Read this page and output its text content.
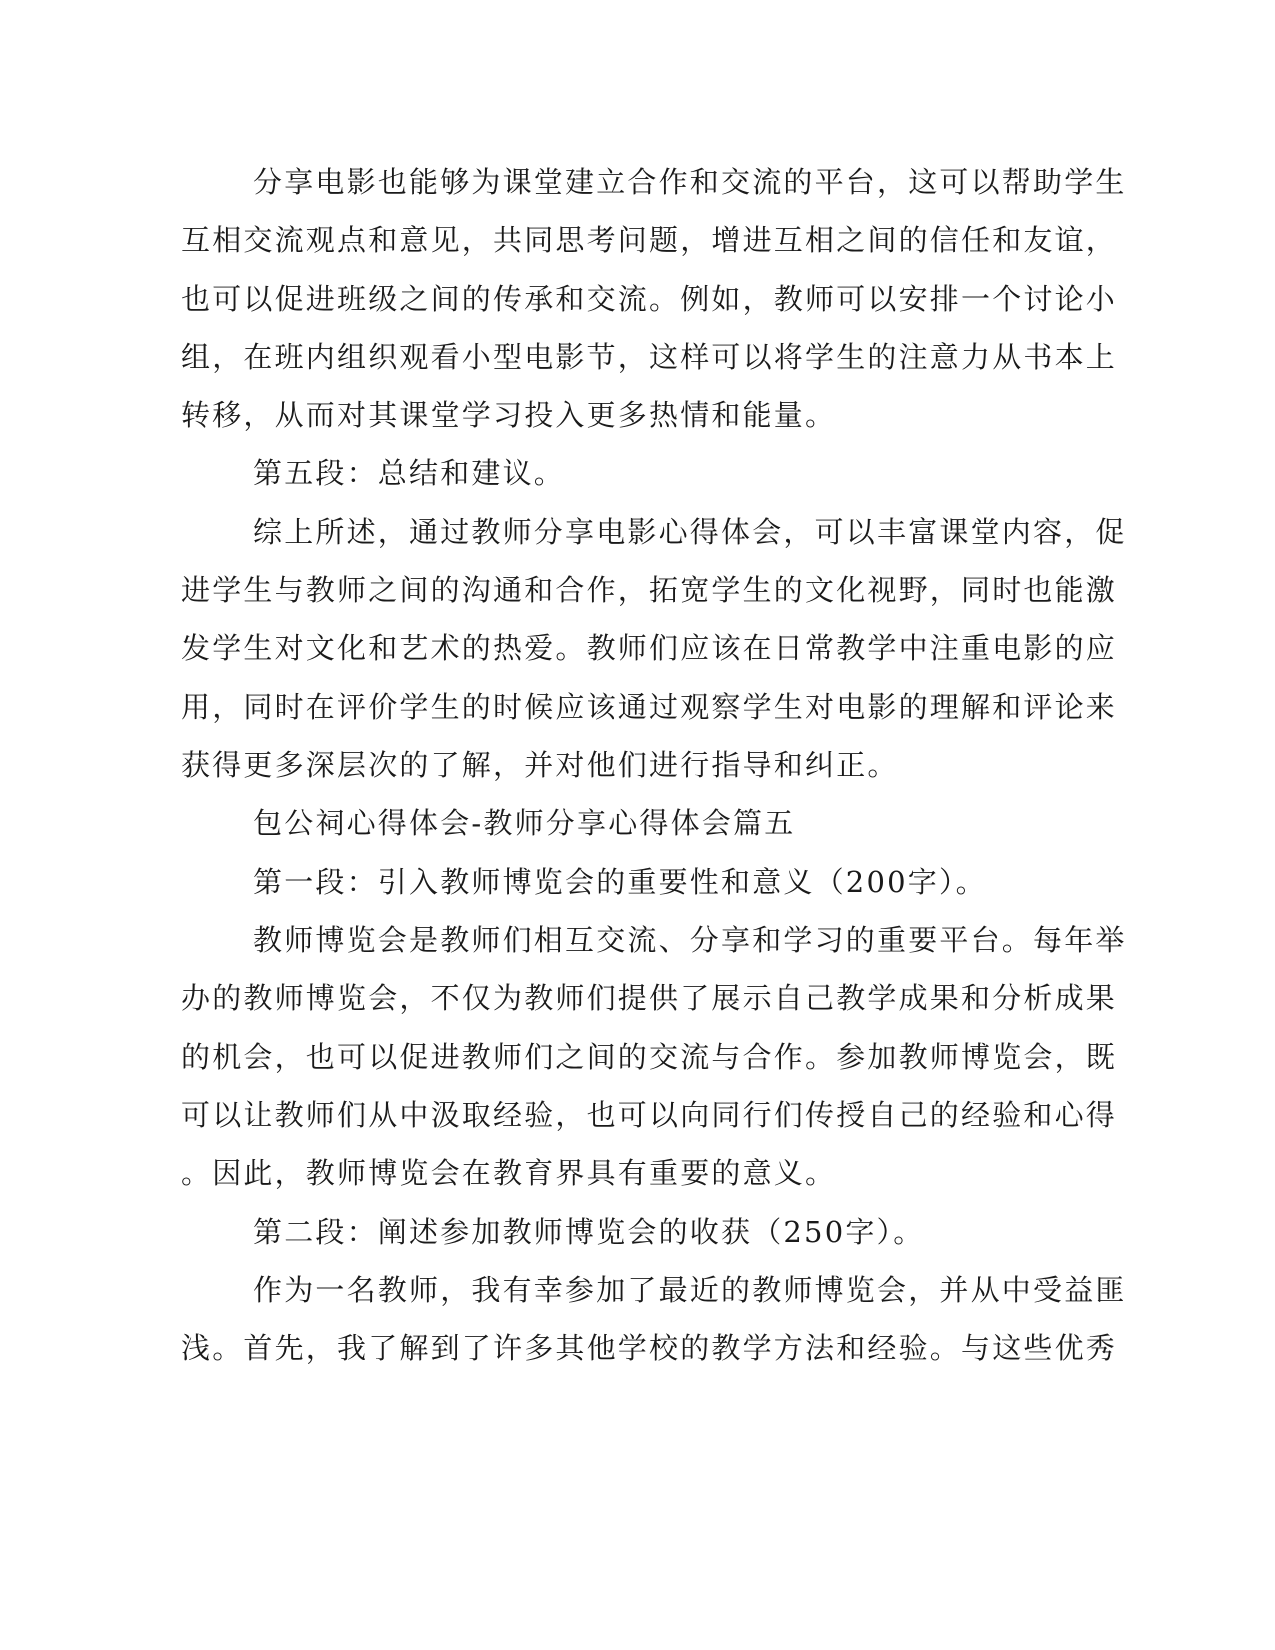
分享电影也能够为课堂建立合作和交流的平台，这可以帮助学生
互相交流观点和意见，共同思考问题，增进互相之间的信任和友谊，
也可以促进班级之间的传承和交流。例如，教师可以安排一个讨论小
组，在班内组织观看小型电影节，这样可以将学生的注意力从书本上
转移，从而对其课堂学习投入更多热情和能量。
第五段：总结和建议。
综上所述，通过教师分享电影心得体会，可以丰富课堂内容，促
进学生与教师之间的沟通和合作，拓宽学生的文化视野，同时也能激
发学生对文化和艺术的热爱。教师们应该在日常教学中注重电影的应
用，同时在评价学生的时候应该通过观察学生对电影的理解和评论来
获得更多深层次的了解，并对他们进行指导和纠正。
包公祠心得体会-教师分享心得体会篇五
第一段：引入教师博览会的重要性和意义（200字）。
教师博览会是教师们相互交流、分享和学习的重要平台。每年举
办的教师博览会，不仅为教师们提供了展示自己教学成果和分析成果
的机会，也可以促进教师们之间的交流与合作。参加教师博览会，既
可以让教师们从中汲取经验，也可以向同行们传授自己的经验和心得
。因此，教师博览会在教育界具有重要的意义。
第二段：阐述参加教师博览会的收获（250字）。
作为一名教师，我有幸参加了最近的教师博览会，并从中受益匪
浅。首先，我了解到了许多其他学校的教学方法和经验。与这些优秀
